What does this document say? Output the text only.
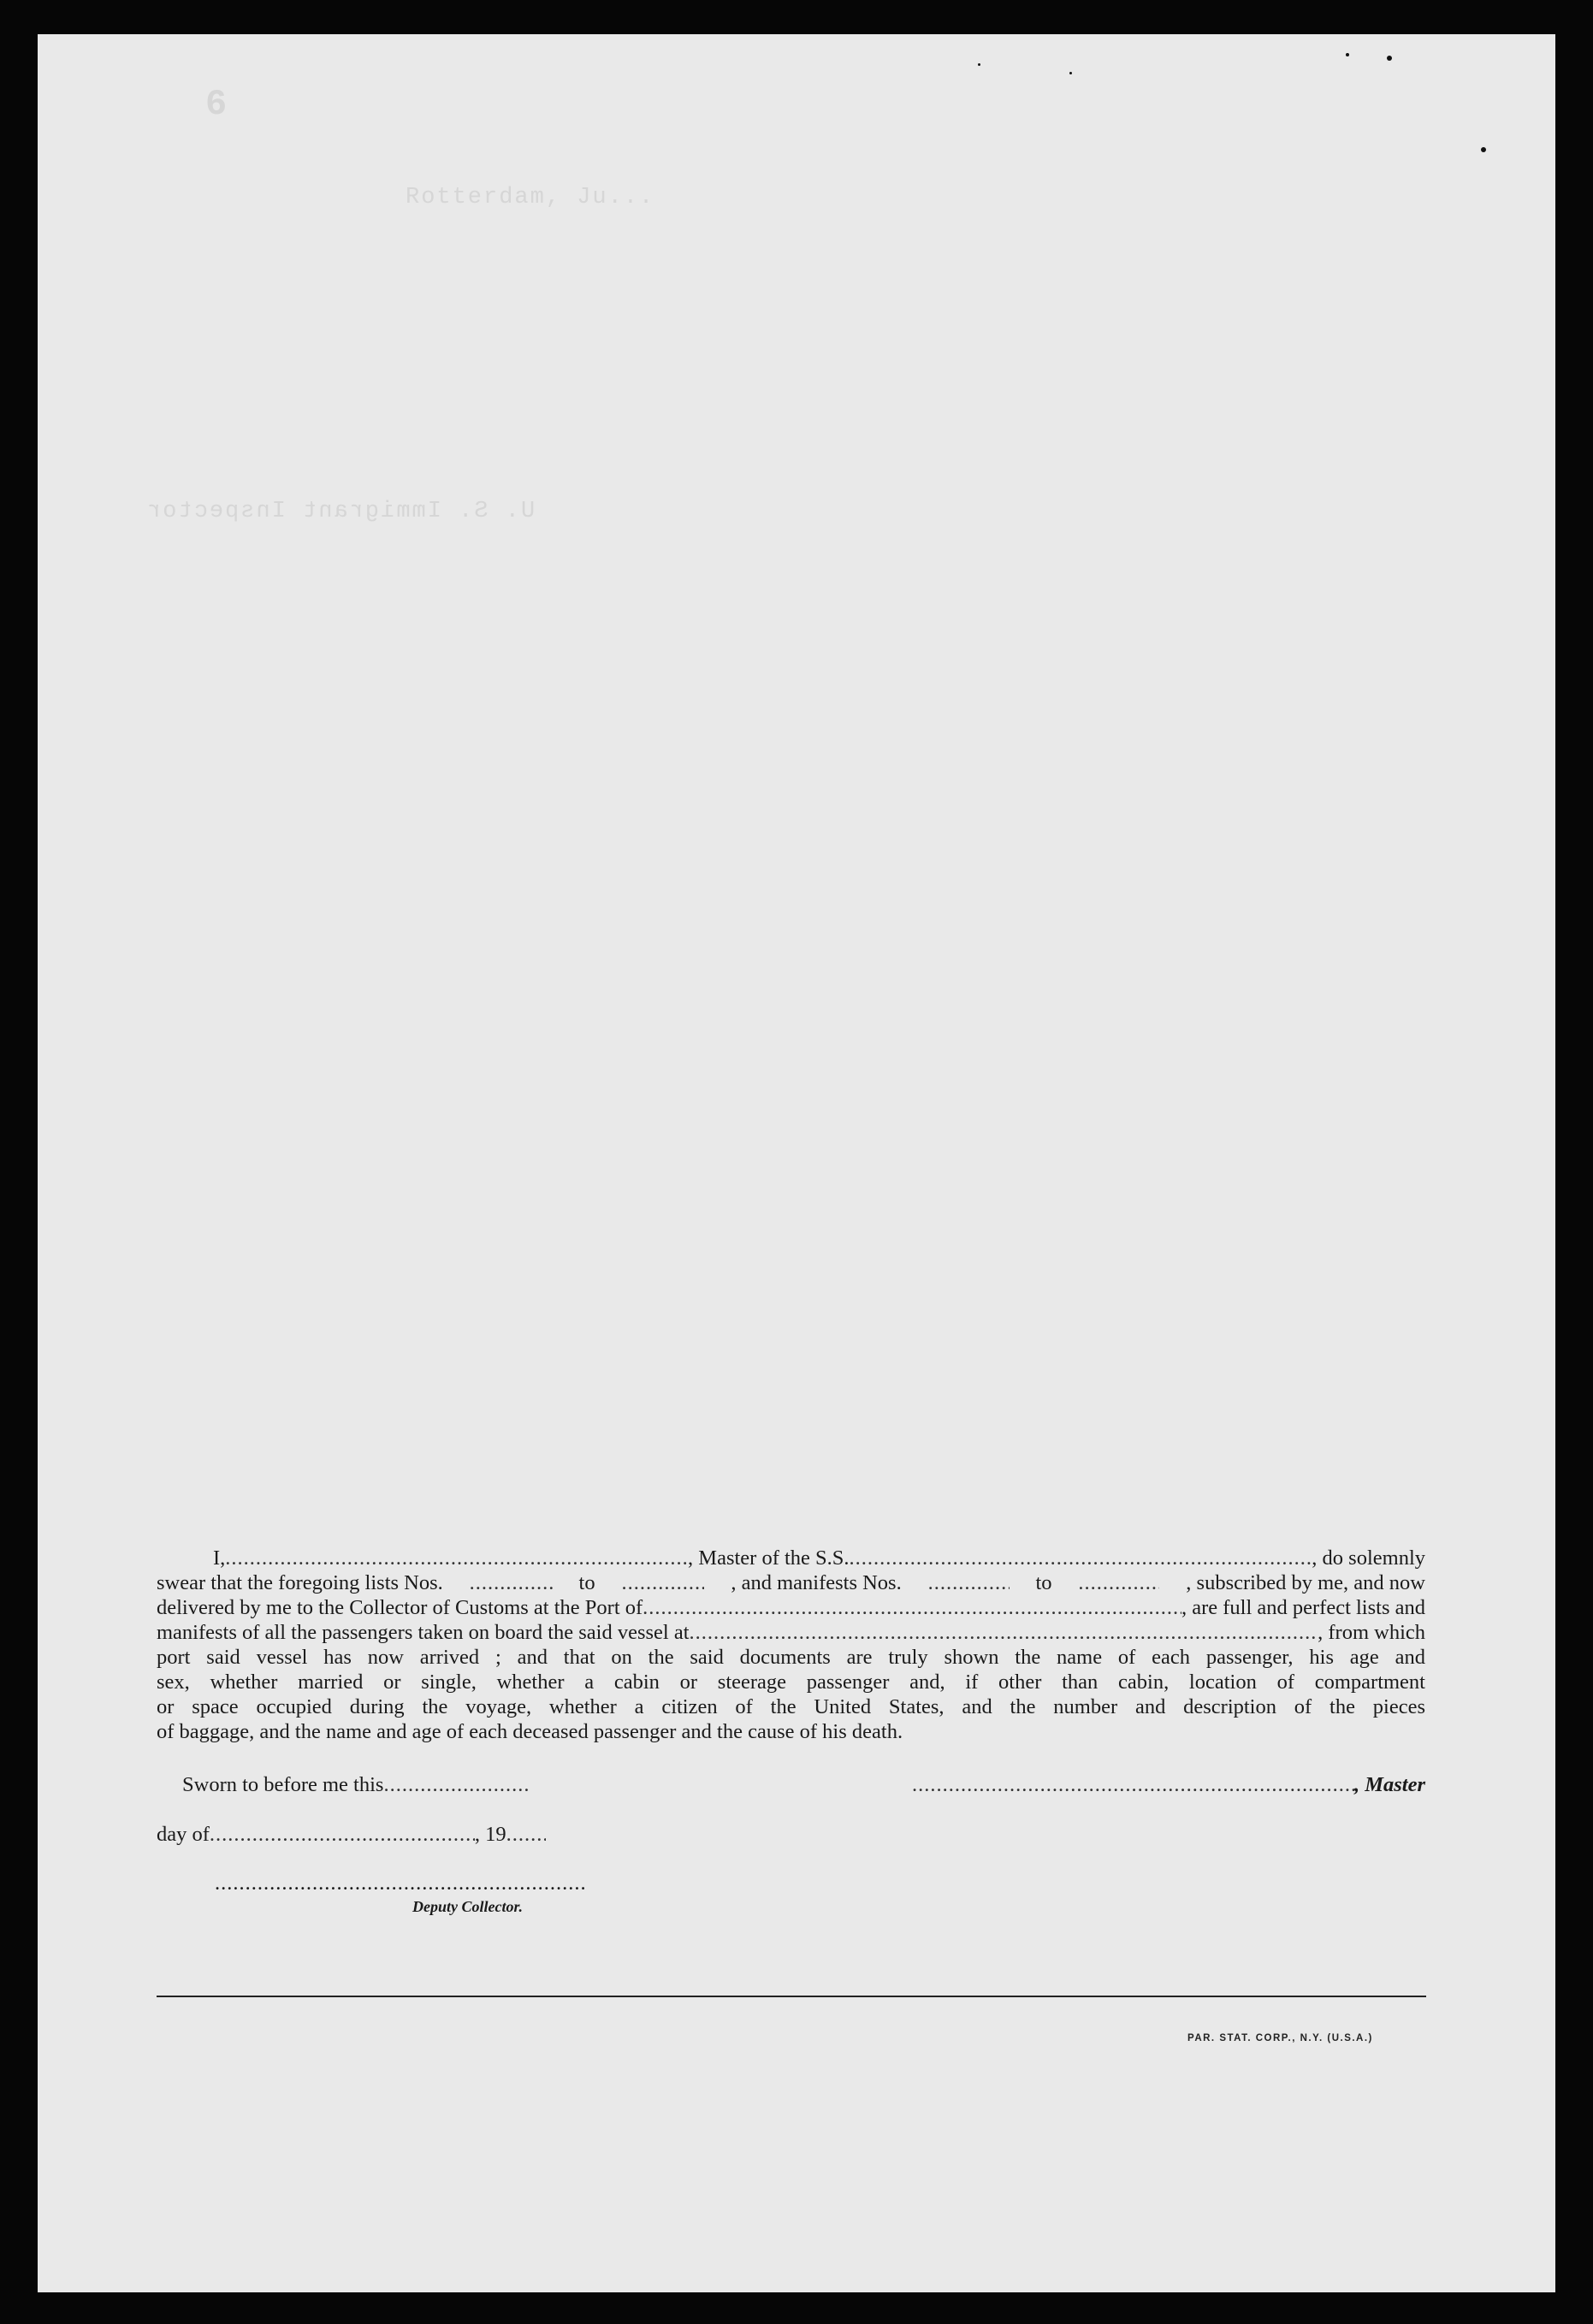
6
Rotterdam, Ju...
U. S. Immigrant Inspector
I, .....	, Master of the S.S. .....	, do solemnly
swear that the foregoing lists Nos. .....	to .....	, and manifests Nos. .....	to .....	, subscribed by me, and now
delivered by me to the Collector of Customs at the Port of .....	, are full and perfect lists and
manifests of all the passengers taken on board the said vessel at .....	, from which
port said vessel has now arrived ; and that on the said documents are truly shown the name of each passenger, his age and
sex, whether married or single, whether a cabin or steerage passenger and, if other than cabin, location of compartment
or space occupied during the voyage, whether a citizen of the United States, and the number and description of the pieces
of baggage, and the name and age of each deceased passenger and the cause of his death.
Sworn to before me this ..... .....	, Master
day of .....	, 19.....
.....
Deputy Collector.
PAR. STAT. CORP., N.Y. (U.S.A.)
